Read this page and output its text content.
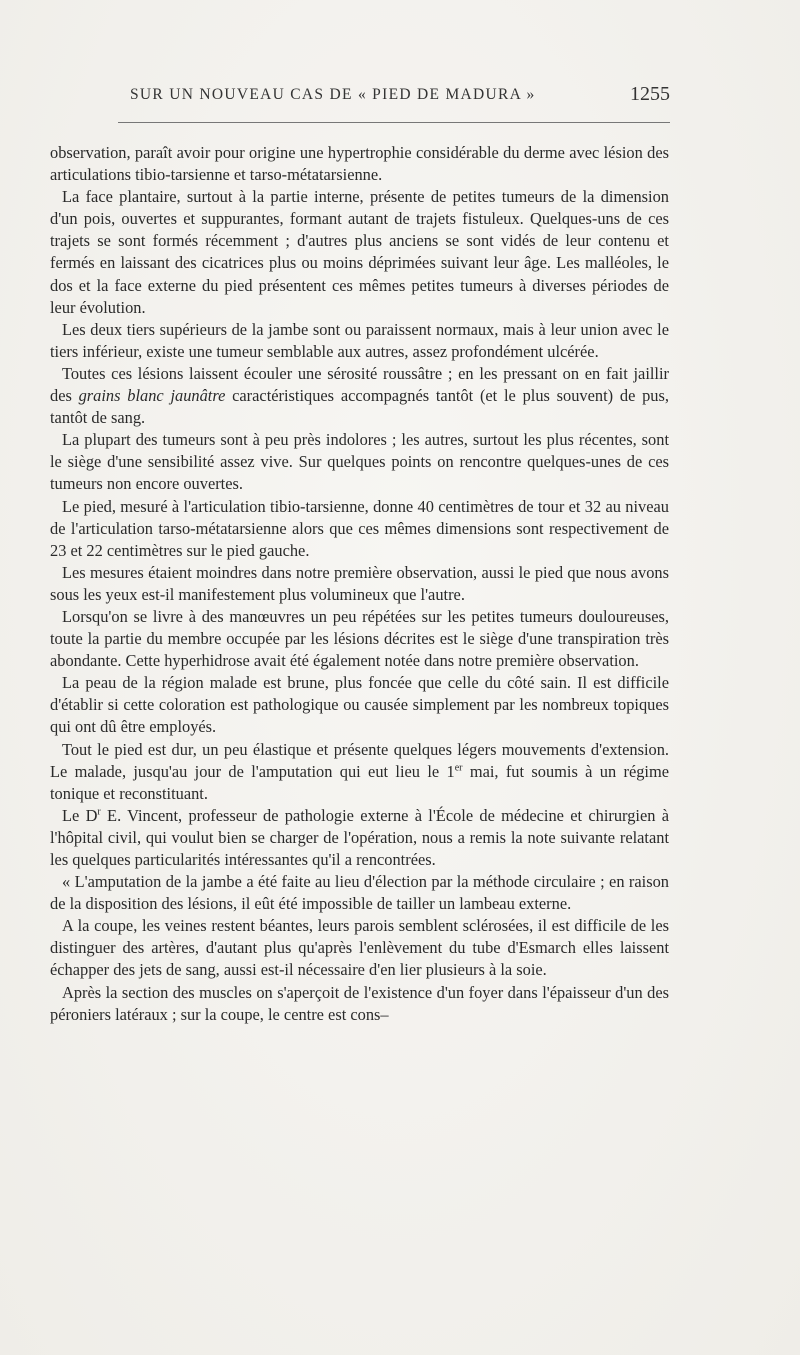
SUR UN NOUVEAU CAS DE « PIED DE MADURA »	1255

observation, paraît avoir pour origine une hypertrophie considérable du derme avec lésion des articulations tibio-tarsienne et tarso-métatarsienne.

La face plantaire, surtout à la partie interne, présente de petites tumeurs de la dimension d'un pois, ouvertes et suppurantes, formant autant de trajets fistuleux. Quelques-uns de ces trajets se sont formés récemment ; d'autres plus anciens se sont vidés de leur contenu et fermés en laissant des cicatrices plus ou moins déprimées suivant leur âge. Les malléoles, le dos et la face externe du pied présentent ces mêmes petites tumeurs à diverses périodes de leur évolution.

Les deux tiers supérieurs de la jambe sont ou paraissent normaux, mais à leur union avec le tiers inférieur, existe une tumeur semblable aux autres, assez profondément ulcérée.

Toutes ces lésions laissent écouler une sérosité roussâtre ; en les pressant on en fait jaillir des grains blanc jaunâtre caractéristiques accompagnés tantôt (et le plus souvent) de pus, tantôt de sang.

La plupart des tumeurs sont à peu près indolores ; les autres, surtout les plus récentes, sont le siège d'une sensibilité assez vive. Sur quelques points on rencontre quelques-unes de ces tumeurs non encore ouvertes.

Le pied, mesuré à l'articulation tibio-tarsienne, donne 40 centimètres de tour et 32 au niveau de l'articulation tarso-métatarsienne alors que ces mêmes dimensions sont respectivement de 23 et 22 centimètres sur le pied gauche.

Les mesures étaient moindres dans notre première observation, aussi le pied que nous avons sous les yeux est-il manifestement plus volumineux que l'autre.

Lorsqu'on se livre à des manœuvres un peu répétées sur les petites tumeurs douloureuses, toute la partie du membre occupée par les lésions décrites est le siège d'une transpiration très abondante. Cette hyperhidrose avait été également notée dans notre première observation.

La peau de la région malade est brune, plus foncée que celle du côté sain. Il est difficile d'établir si cette coloration est pathologique ou causée simplement par les nombreux topiques qui ont dû être employés.

Tout le pied est dur, un peu élastique et présente quelques légers mouvements d'extension. Le malade, jusqu'au jour de l'amputation qui eut lieu le 1er mai, fut soumis à un régime tonique et reconstituant.

Le $D^r$ E. Vincent, professeur de pathologie externe à l'École de médecine et chirurgien à l'hôpital civil, qui voulut bien se charger de l'opération, nous a remis la note suivante relatant les quelques particularités intéressantes qu'il a rencontrées.

« L'amputation de la jambe a été faite au lieu d'élection par la méthode circulaire ; en raison de la disposition des lésions, il eût été impossible de tailler un lambeau externe.

A la coupe, les veines restent béantes, leurs parois semblent sclérosées, il est difficile de les distinguer des artères, d'autant plus qu'après l'enlèvement du tube d'Esmarch elles laissent échapper des jets de sang, aussi est-il nécessaire d'en lier plusieurs à la soie.

Après la section des muscles on s'aperçoit de l'existence d'un foyer dans l'épaisseur d'un des péroniers latéraux ; sur la coupe, le centre est cons–
